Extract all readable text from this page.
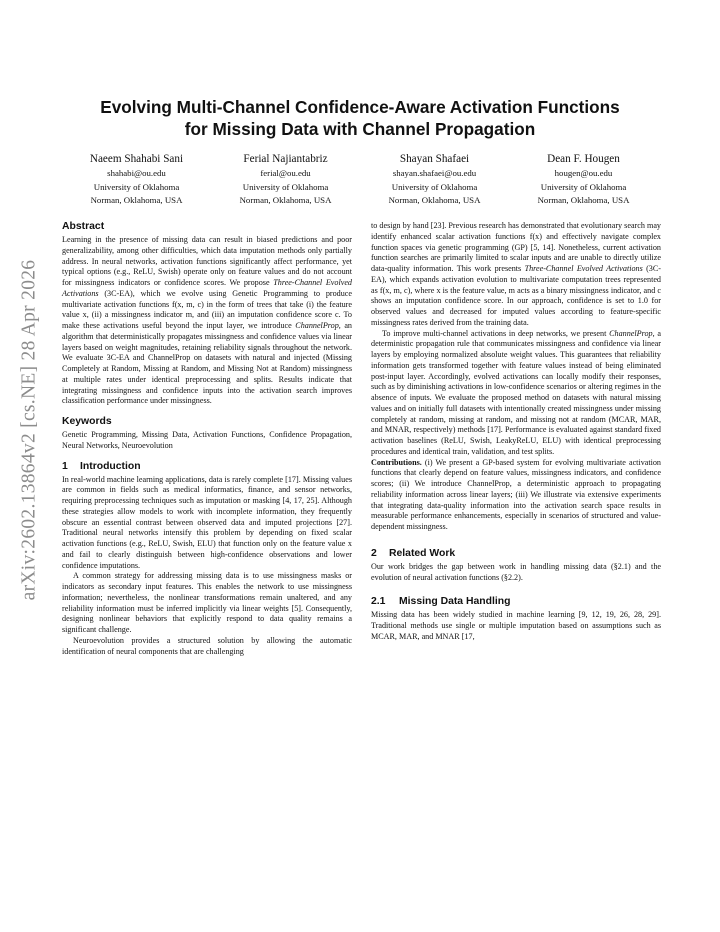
arXiv:2602.13864v2 [cs.NE] 28 Apr 2026
Evolving Multi-Channel Confidence-Aware Activation Functions
for Missing Data with Channel Propagation
Naeem Shahabi Sani
shahabi@ou.edu
University of Oklahoma
Norman, Oklahoma, USA
Ferial Najiantabriz
ferial@ou.edu
University of Oklahoma
Norman, Oklahoma, USA
Shayan Shafaei
shayan.shafaei@ou.edu
University of Oklahoma
Norman, Oklahoma, USA
Dean F. Hougen
hougen@ou.edu
University of Oklahoma
Norman, Oklahoma, USA
Abstract

Learning in the presence of missing data can result in biased predictions and poor generalizability, among other difficulties, which data imputation methods only partially address. In neural networks, activation functions significantly affect performance, yet typical options (e.g., ReLU, Swish) operate only on feature values and do not account for missingness indicators or confidence scores. We propose Three-Channel Evolved Activations (3C-EA), which we evolve using Genetic Programming to produce multivariate activation functions f(x, m, c) in the form of trees that take (i) the feature value x, (ii) a missingness indicator m, and (iii) an imputation confidence score c. To make these activations useful beyond the input layer, we introduce ChannelProp, an algorithm that deterministically propagates missingness and confidence values via linear layers based on weight magnitudes, retaining reliability signals throughout the network. We evaluate 3C-EA and ChannelProp on datasets with natural and injected (Missing Completely at Random, Missing at Random, and Missing Not at Random) missingness at multiple rates under identical preprocessing and splits. Results indicate that integrating missingness and confidence inputs into the activation search improves classification performance under missingness.

Keywords

Genetic Programming, Missing Data, Activation Functions, Confidence Propagation, Neural Networks, Neuroevolution

1 Introduction

In real-world machine learning applications, data is rarely complete [17]. Missing values are common in fields such as medical informatics, finance, and sensor networks, requiring preprocessing techniques such as imputation or masking [4, 17, 25]. Although these strategies allow models to work with incomplete information, they frequently obscure an essential contrast between observed data and imputed projections [27]. Traditional neural networks intensify this problem by depending on fixed scalar activation functions (e.g., ReLU, Swish, ELU) that function only on the feature value x and fail to clearly distinguish between high-confidence observations and lower confidence imputations.

A common strategy for addressing missing data is to use missingness masks or indicators as secondary input features. This enables the network to use missingness information; nevertheless, the nonlinear transformations remain unaltered, and any reliability information must be inferred implicitly via linear weights [5]. Consequently, designing nonlinear behaviors that explicitly respond to data quality remains a significant challenge.

Neuroevolution provides a structured solution by allowing the automatic identification of neural components that are challenging

to design by hand [23]. Previous research has demonstrated that evolutionary search may identify enhanced scalar activation functions f(x) and effectively navigate complex function spaces via genetic programming (GP) [5, 14]. Nonetheless, current activation function searches are primarily limited to scalar inputs and are unable to directly utilize data-quality information. This work presents Three-Channel Evolved Activations (3C-EA), which expands activation evolution to multivariate computation trees represented as f(x, m, c), where x is the feature value, m acts as a binary missingness indicator, and c shows an imputation confidence score. In our approach, confidence is set to 1.0 for observed values and decreased for imputed values according to feature-specific missingness rates derived from the training data.

To improve multi-channel activations in deep networks, we present ChannelProp, a deterministic propagation rule that communicates missingness and confidence via linear layers by employing normalized absolute weight values. This guarantees that reliability information gets transformed together with feature values instead of being eliminated post-input layer. Accordingly, evolved activations can locally modify their responses, such as by diminishing activations in low-confidence scenarios or altering regimes in the absence of inputs. We evaluate the proposed method on datasets with natural missing values and on initially full datasets with intentionally created missingness under missing completely at random, missing at random, and missing not at random (MCAR, MAR, and MNAR, respectively) methods [17]. Performance is evaluated against standard fixed activation baselines (ReLU, Swish, LeakyReLU, ELU) with identical preprocessing procedures and identical train, validation, and test splits.

Contributions. (i) We present a GP-based system for evolving multivariate activation functions that clearly depend on feature values, missingness indicators, and confidence scores; (ii) We introduce ChannelProp, a deterministic approach to propagating reliability information across linear layers; (iii) We illustrate via extensive experiments that integrating data-quality information into the activation search space results in measurable performance enhancements, especially in scenarios of structured and value-dependent missingness.

2 Related Work

Our work bridges the gap between work in handling missing data (§2.1) and the evolution of neural activation functions (§2.2).

2.1 Missing Data Handling

Missing data has been widely studied in machine learning [9, 12, 19, 26, 28, 29]. Traditional methods use single or multiple imputation based on assumptions such as MCAR, MAR, and MNAR [17,
